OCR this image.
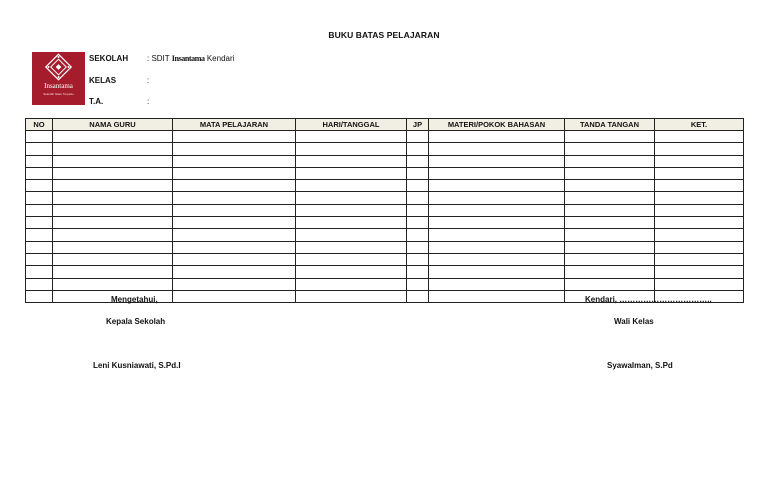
BUKU BATAS PELAJARAN
Insantama
Sekolah Islam Terpadu
SEKOLAH : SDIT Insantama Kendari
KELAS	:
T.A.	:
NO	NAMA GURU	MATA PELAJARAN	HARI/TANGGAL	JP	MATERI/POKOK BAHASAN	TANDA TANGAN	KET.

Mengetahui,
Kepala Sekolah
Leni Kusniawati, S.Pd.I
Kendari, ……………………………..
Wali Kelas
Syawalman, S.Pd
